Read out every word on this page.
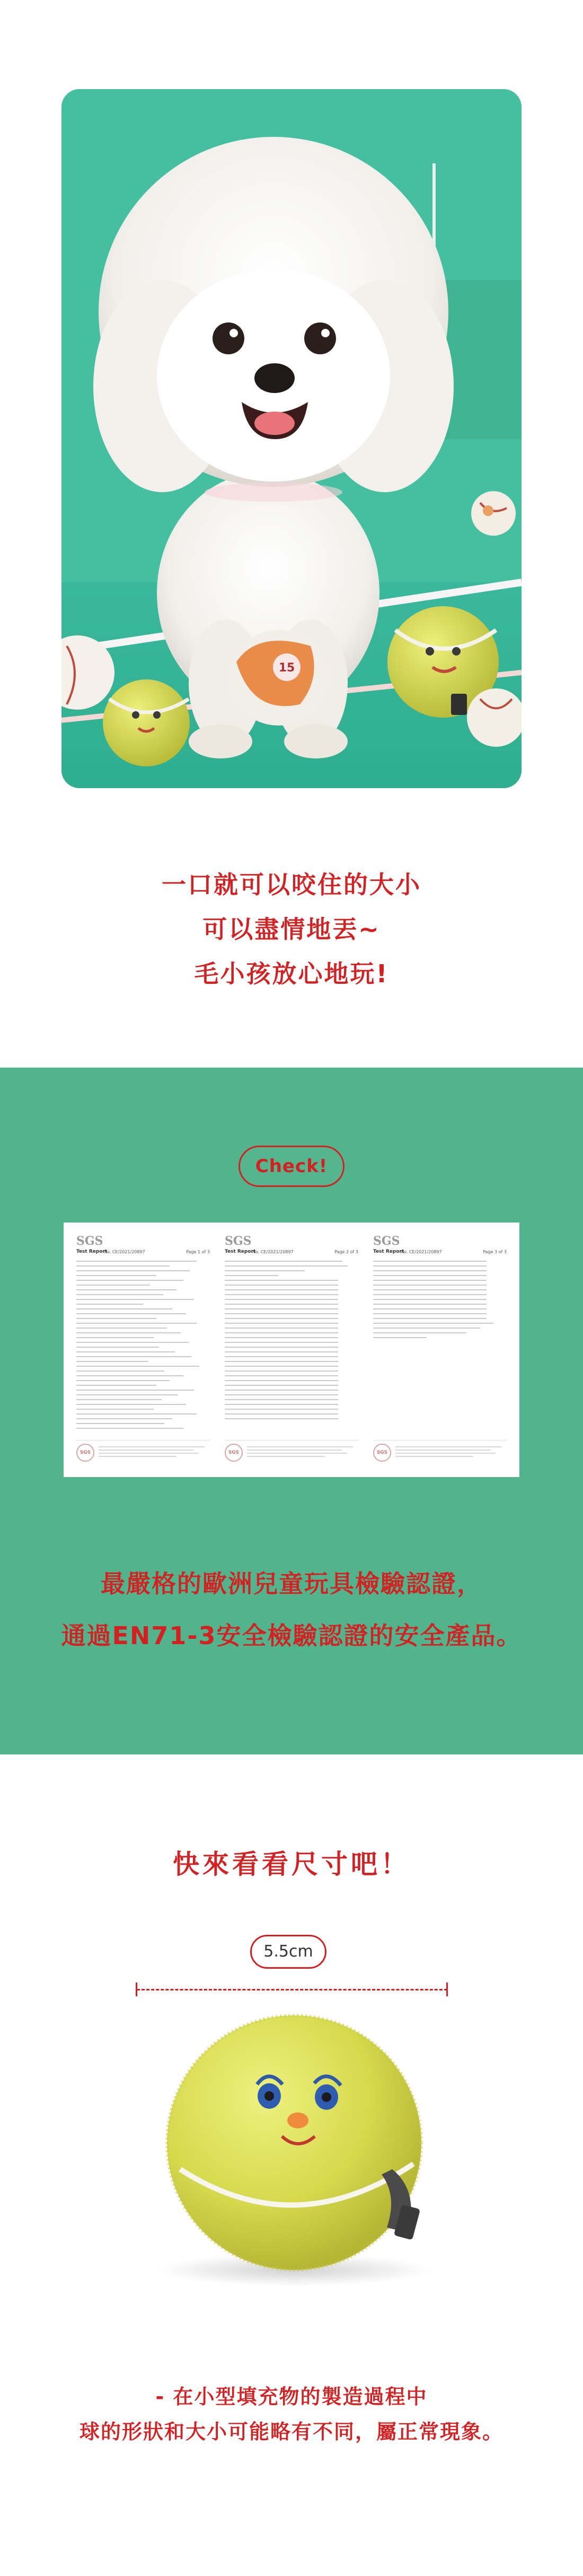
15
一口就可以咬住的大小
可以盡情地丟~
毛小孩放心地玩!
Check!
SGS
Test Report
No. CE/2021/20897	Page 1 of 3
SGS
SGS
Test Report
No. CE/2021/20897	Page 2 of 3
SGS
SGS
Test Report
No. CE/2021/20897	Page 3 of 3
SGS
最嚴格的歐洲兒童玩具檢驗認證，
通過EN71-3安全檢驗認證的安全產品。
快來看看尺寸吧！
5.5cm
- 在小型填充物的製造過程中
球的形狀和大小可能略有不同，屬正常現象。
